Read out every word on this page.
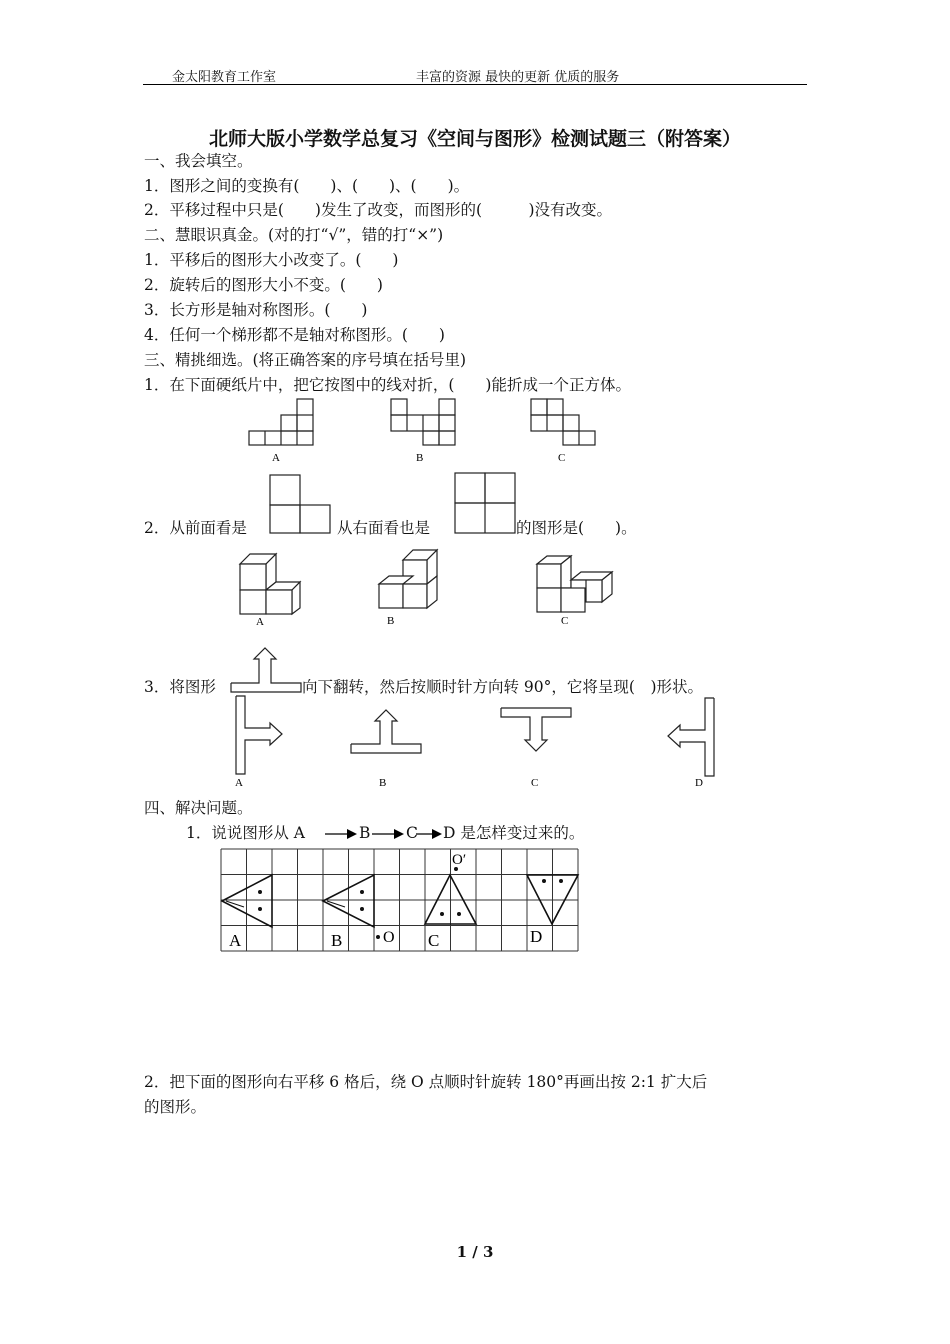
金太阳教育工作室	丰富的资源 最快的更新 优质的服务
北师大版小学数学总复习《空间与图形》检测试题三（附答案）
一、我会填空。
1．图形之间的变换有(　　)、(　　)、(　　)。
2．平移过程中只是(　　)发生了改变，而图形的(　　　)没有改变。
二、慧眼识真金。(对的打“√”，错的打“×”)
1．平移后的图形大小改变了。(　　)
2．旋转后的图形大小不变。(　　)
3．长方形是轴对称图形。(　　)
4．任何一个梯形都不是轴对称图形。(　　)
三、精挑细选。(将正确答案的序号填在括号里)
1．在下面硬纸片中，把它按图中的线对折，(　　)能折成一个正方体。
A	B	C
2．从前面看是	从右面看也是	的图形是(　　)。
A	B	C
3．将图形	向下翻转，然后按顺时针方向转 90°，它将呈现(　)形状。
A	B	C	D
四、解决问题。
1．说说图形从 A	B C D 是怎样变过来的。
A	B	C	D
O
O′
2．把下面的图形向右平移 6 格后，绕 O 点顺时针旋转 180°再画出按 2:1 扩大后
的图形。
1 / 3
